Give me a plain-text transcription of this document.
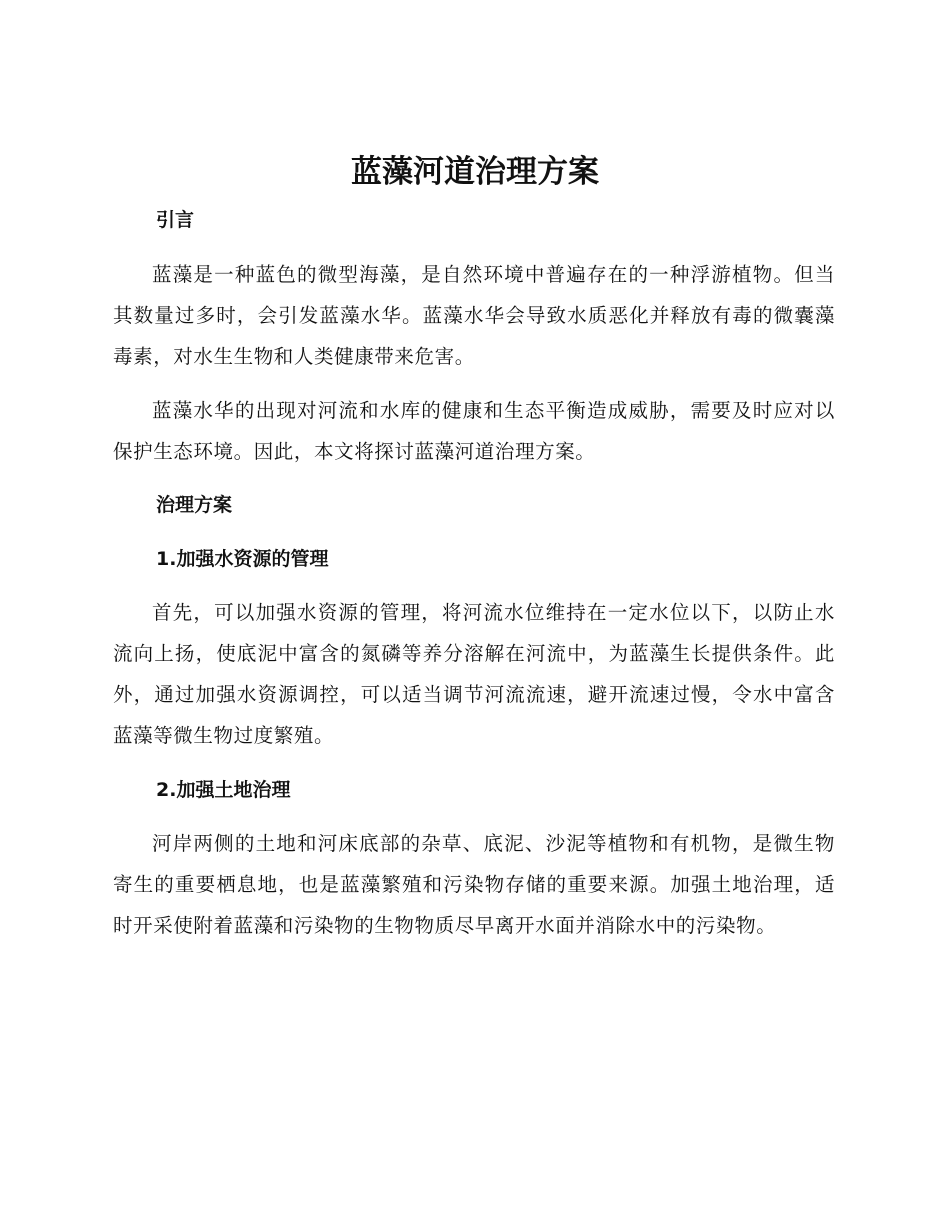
蓝藻河道治理方案
引言

蓝藻是一种蓝色的微型海藻，是自然环境中普遍存在的一种浮游植物。但当其数量过多时，会引发蓝藻水华。蓝藻水华会导致水质恶化并释放有毒的微囊藻毒素，对水生生物和人类健康带来危害。

蓝藻水华的出现对河流和水库的健康和生态平衡造成威胁，需要及时应对以保护生态环境。因此，本文将探讨蓝藻河道治理方案。

治理方案
1.加强水资源的管理

首先，可以加强水资源的管理，将河流水位维持在一定水位以下，以防止水流向上扬，使底泥中富含的氮磷等养分溶解在河流中，为蓝藻生长提供条件。此外，通过加强水资源调控，可以适当调节河流流速，避开流速过慢，令水中富含蓝藻等微生物过度繁殖。

2.加强土地治理

河岸两侧的土地和河床底部的杂草、底泥、沙泥等植物和有机物，是微生物寄生的重要栖息地，也是蓝藻繁殖和污染物存储的重要来源。加强土地治理，适时开采使附着蓝藻和污染物的生物物质尽早离开水面并消除水中的污染物。
